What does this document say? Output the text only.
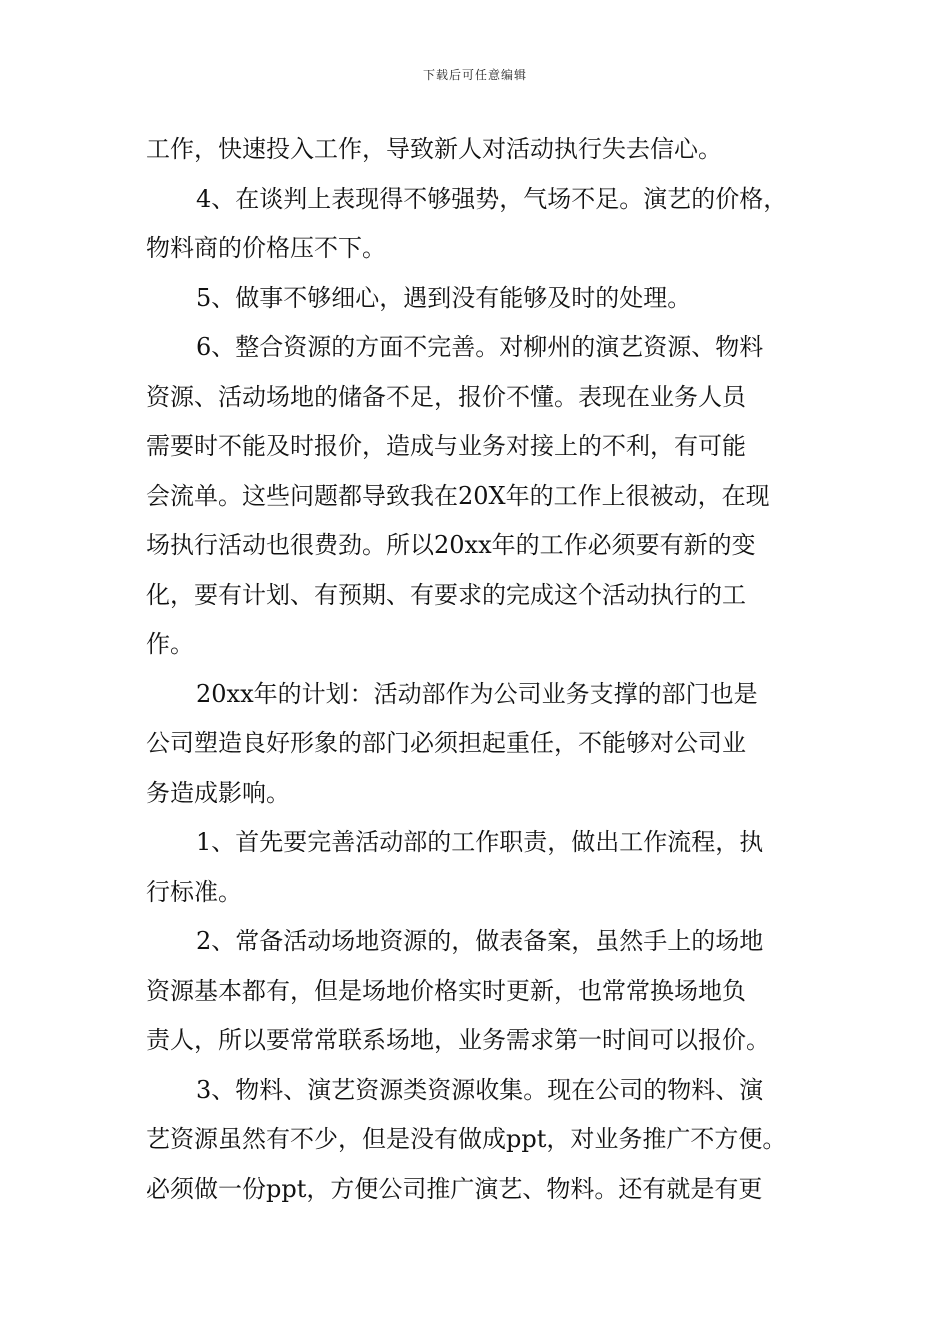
下载后可任意编辑
工作，快速投入工作，导致新人对活动执行失去信心。
4、在谈判上表现得不够强势，气场不足。演艺的价格，
物料商的价格压不下。
5、做事不够细心，遇到没有能够及时的处理。
6、整合资源的方面不完善。对柳州的演艺资源、物料
资源、活动场地的储备不足，报价不懂。表现在业务人员
需要时不能及时报价，造成与业务对接上的不利，有可能
会流单。这些问题都导致我在20X年的工作上很被动，在现
场执行活动也很费劲。所以20xx年的工作必须要有新的变
化，要有计划、有预期、有要求的完成这个活动执行的工
作。
20xx年的计划：活动部作为公司业务支撑的部门也是
公司塑造良好形象的部门必须担起重任，不能够对公司业
务造成影响。
1、首先要完善活动部的工作职责，做出工作流程，执
行标准。
2、常备活动场地资源的，做表备案，虽然手上的场地
资源基本都有，但是场地价格实时更新，也常常换场地负
责人，所以要常常联系场地，业务需求第一时间可以报价。
3、物料、演艺资源类资源收集。现在公司的物料、演
艺资源虽然有不少，但是没有做成ppt，对业务推广不方便。
必须做一份ppt，方便公司推广演艺、物料。还有就是有更
